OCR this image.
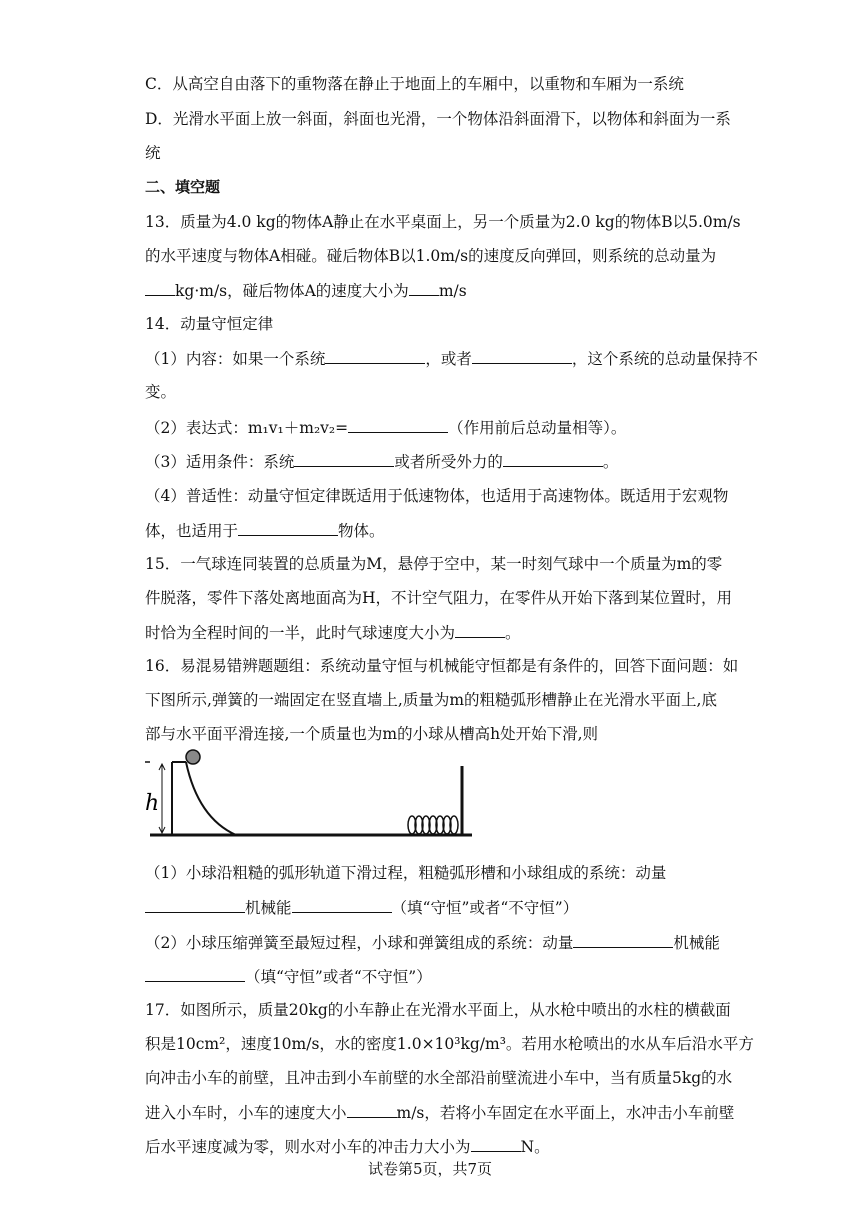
C．从高空自由落下的重物落在静止于地面上的车厢中，以重物和车厢为一系统
D．光滑水平面上放一斜面，斜面也光滑，一个物体沿斜面滑下，以物体和斜面为一系
统
二、填空题
13．质量为4.0 kg的物体A静止在水平桌面上，另一个质量为2.0 kg的物体B以5.0m/s
的水平速度与物体A相碰。碰后物体B以1.0m/s的速度反向弹回，则系统的总动量为
kg·m/s，碰后物体A的速度大小为 m/s
14．动量守恒定律
（1）内容：如果一个系统	，或者	，这个系统的总动量保持不
变。
（2）表达式：m₁v₁＋m₂v₂=	（作用前后总动量相等）。
（3）适用条件：系统	或者所受外力的	。
（4）普适性：动量守恒定律既适用于低速物体，也适用于高速物体。既适用于宏观物
体，也适用于	物体。
15．一气球连同装置的总质量为M，悬停于空中，某一时刻气球中一个质量为m的零
件脱落，零件下落处离地面高为H，不计空气阻力，在零件从开始下落到某位置时，用
时恰为全程时间的一半，此时气球速度大小为	。
16．易混易错辨题题组：系统动量守恒与机械能守恒都是有条件的，回答下面问题：如
下图所示,弹簧的一端固定在竖直墙上,质量为m的粗糙弧形槽静止在光滑水平面上,底
部与水平面平滑连接,一个质量也为m的小球从槽高h处开始下滑,则
h
（1）小球沿粗糙的弧形轨道下滑过程，粗糙弧形槽和小球组成的系统：动量
机械能	（填“守恒”或者“不守恒”）
（2）小球压缩弹簧至最短过程，小球和弹簧组成的系统：动量	机械能
（填“守恒”或者“不守恒”）
17．如图所示，质量20kg的小车静止在光滑水平面上，从水枪中喷出的水柱的横截面
积是10cm²，速度10m/s，水的密度1.0×10³kg/m³。若用水枪喷出的水从车后沿水平方
向冲击小车的前壁，且冲击到小车前壁的水全部沿前壁流进小车中，当有质量5kg的水
进入小车时，小车的速度大小	m/s，若将小车固定在水平面上，水冲击小车前壁
后水平速度减为零，则水对小车的冲击力大小为	N。
试卷第5页，共7页
